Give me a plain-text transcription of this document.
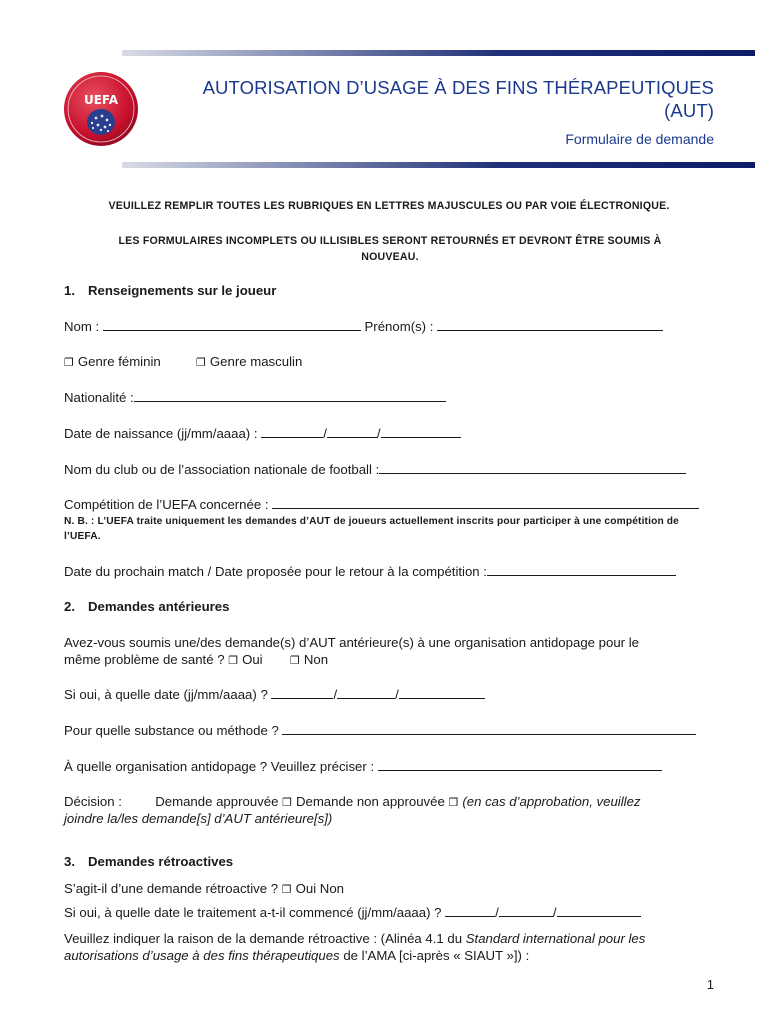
UEFA
AUTORISATION D’USAGE À DES FINS THÉRAPEUTIQUES
(AUT)
Formulaire de demande
VEUILLEZ REMPLIR TOUTES LES RUBRIQUES EN LETTRES MAJUSCULES OU PAR VOIE ÉLECTRONIQUE.
LES FORMULAIRES INCOMPLETS OU ILLISIBLES SERONT RETOURNÉS ET DEVRONT ÊTRE SOUMIS À NOUVEAU.
1. Renseignements sur le joueur
Nom :	Prénom(s) :
❐ Genre féminin	❐ Genre masculin
Nationalité :
Date de naissance (jj/mm/aaaa) :	/	/
Nom du club ou de l’association nationale de football :
Compétition de l’UEFA concernée :
N. B. : L’UEFA traite uniquement les demandes d’AUT de joueurs actuellement inscrits pour participer à une compétition de l’UEFA.
Date du prochain match / Date proposée pour le retour à la compétition :
2. Demandes antérieures
Avez-vous soumis une/des demande(s) d’AUT antérieure(s) à une organisation antidopage pour le
même problème de santé ? ❐ Oui ❐ Non
Si oui, à quelle date (jj/mm/aaaa) ?	/	/
Pour quelle substance ou méthode ?
À quelle organisation antidopage ? Veuillez préciser :
Décision :	Demande approuvée ❐ Demande non approuvée ❐ (en cas d’approbation, veuillez
joindre la/les demande[s] d’AUT antérieure[s])
3. Demandes rétroactives
S’agit-il d’une demande rétroactive ? ❐ Oui Non
Si oui, à quelle date le traitement a-t-il commencé (jj/mm/aaaa) ?	/	/
Veuillez indiquer la raison de la demande rétroactive : (Alinéa 4.1 du Standard international pour les
autorisations d’usage à des fins thérapeutiques de l’AMA [ci-après « SIAUT »]) :
1
